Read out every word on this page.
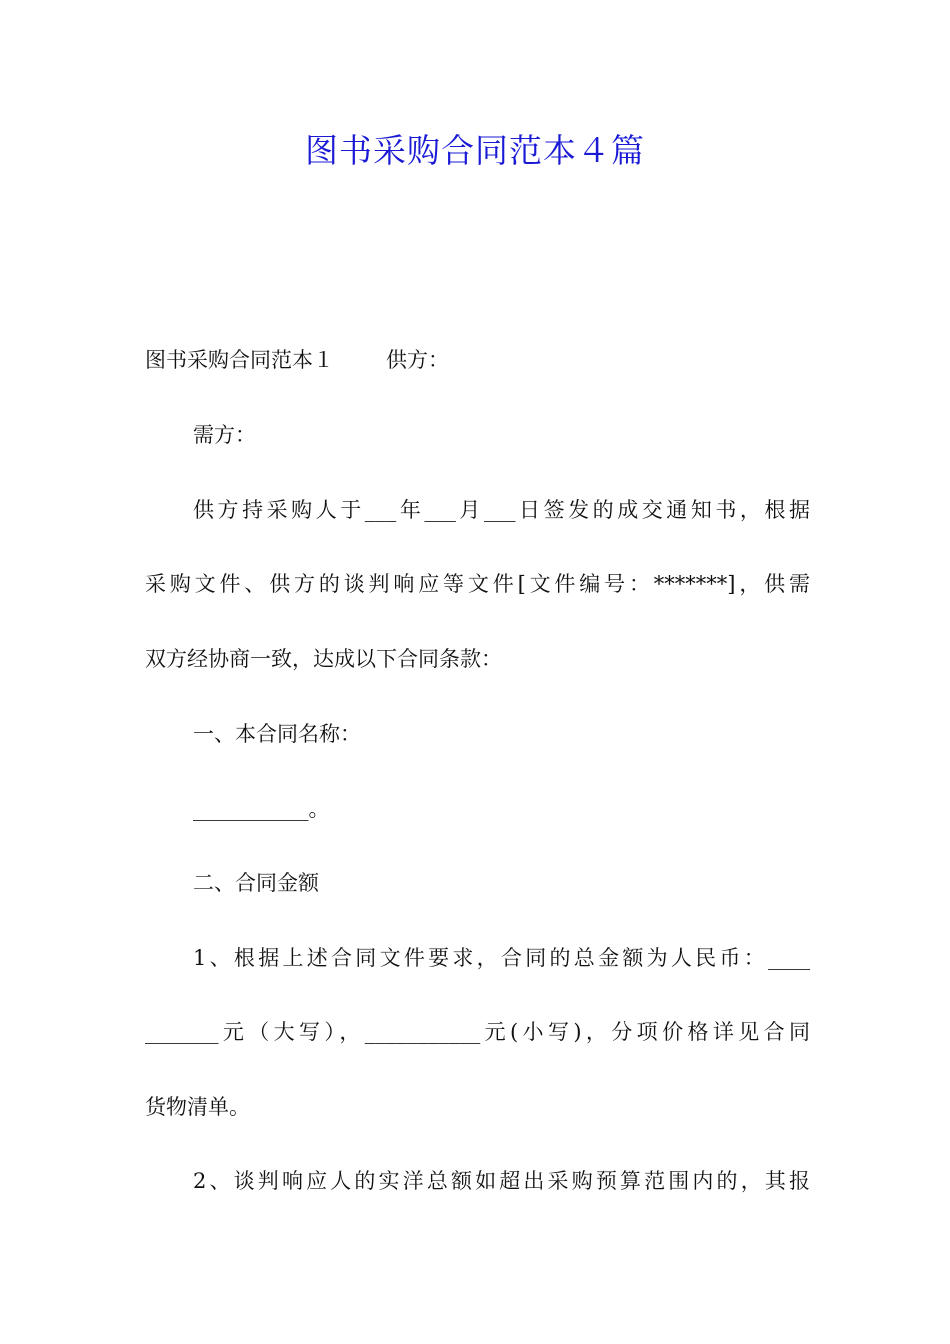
图书采购合同范本４篇
图书采购合同范本１ 供方：
需方：
供方持采购人于___年___月___日签发的成交通知书，根据
采购文件、供方的谈判响应等文件[文件编号：*******]，供需
双方经协商一致，达成以下合同条款：
一、本合同名称：
___________。
二、合同金额
1、根据上述合同文件要求，合同的总金额为人民币：____
_______元（大写），___________元(小写)，分项价格详见合同
货物清单。
2、谈判响应人的实洋总额如超出采购预算范围内的，其报
